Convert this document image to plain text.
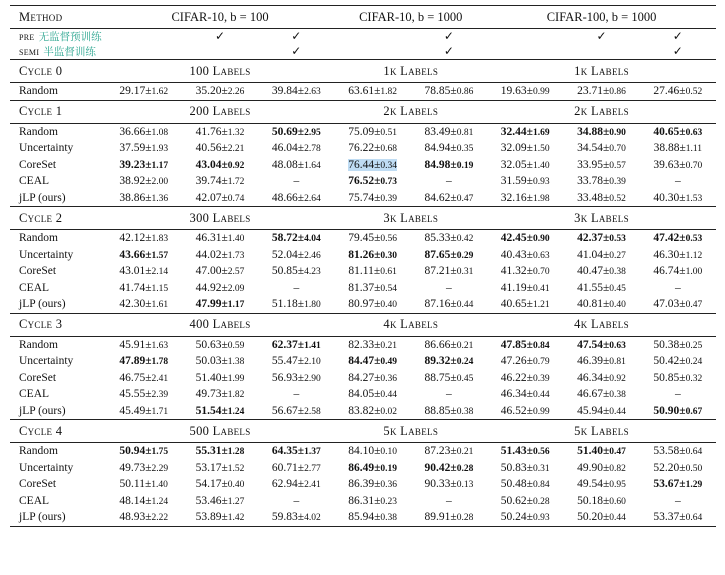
Method	CIFAR-10, b = 100			CIFAR-10, b = 1000		CIFAR-100, b = 1000		
pre 无监督预训练		✓	✓		✓		✓	✓
semi 半监督训练			✓		✓			✓
Cycle 0	100 Labels			1k Labels		1k Labels		
Random	29.17±1.62	35.20±2.26	39.84±2.63	63.61±1.82	78.85±0.86	19.63±0.99	23.71±0.86	27.46±0.52
Cycle 1	200 Labels			2k Labels		2k Labels		
Random	36.66±1.08	41.76±1.32	50.69±2.95	75.09±0.51	83.49±0.81	32.44±1.69	34.88±0.90	40.65±0.63
Uncertainty	37.59±1.93	40.56±2.21	46.04±2.78	76.22±0.68	84.94±0.35	32.09±1.50	34.54±0.70	38.88±1.11
CoreSet	39.23±1.17	43.04±0.92	48.08±1.64	76.44±0.34	84.98±0.19	32.05±1.40	33.95±0.57	39.63±0.70
CEAL	38.92±2.00	39.74±1.72	–	76.52±0.73	–	31.59±0.93	33.78±0.39	–
jLP (ours)	38.86±1.36	42.07±0.74	48.66±2.64	75.74±0.39	84.62±0.47	32.16±1.98	33.48±0.52	40.30±1.53
Cycle 2	300 Labels			3k Labels		3k Labels		
Random	42.12±1.83	46.31±1.40	58.72±4.04	79.45±0.56	85.33±0.42	42.45±0.90	42.37±0.53	47.42±0.53
Uncertainty	43.66±1.57	44.02±1.73	52.04±2.46	81.26±0.30	87.65±0.29	40.43±0.63	41.04±0.27	46.30±1.12
CoreSet	43.01±2.14	47.00±2.57	50.85±4.23	81.11±0.61	87.21±0.31	41.32±0.70	40.47±0.38	46.74±1.00
CEAL	41.74±1.15	44.92±2.09	–	81.37±0.54	–	41.19±0.41	41.55±0.45	–
jLP (ours)	42.30±1.61	47.99±1.17	51.18±1.80	80.97±0.40	87.16±0.44	40.65±1.21	40.81±0.40	47.03±0.47
Cycle 3	400 Labels			4k Labels		4k Labels		
Random	45.91±1.63	50.63±0.59	62.37±1.41	82.33±0.21	86.66±0.21	47.85±0.84	47.54±0.63	50.38±0.25
Uncertainty	47.89±1.78	50.03±1.38	55.47±2.10	84.47±0.49	89.32±0.24	47.26±0.79	46.39±0.81	50.42±0.24
CoreSet	46.75±2.41	51.40±1.99	56.93±2.90	84.27±0.36	88.75±0.45	46.22±0.39	46.34±0.92	50.85±0.32
CEAL	45.55±2.39	49.73±1.82	–	84.05±0.44	–	46.34±0.44	46.67±0.38	–
jLP (ours)	45.49±1.71	51.54±1.24	56.67±2.58	83.82±0.02	88.85±0.38	46.52±0.99	45.94±0.44	50.90±0.67
Cycle 4	500 Labels			5k Labels		5k Labels		
Random	50.94±1.75	55.31±1.28	64.35±1.37	84.10±0.10	87.23±0.21	51.43±0.56	51.40±0.47	53.58±0.64
Uncertainty	49.73±2.29	53.17±1.52	60.71±2.77	86.49±0.19	90.42±0.28	50.83±0.31	49.90±0.82	52.20±0.50
CoreSet	50.11±1.40	54.17±0.40	62.94±2.41	86.39±0.36	90.33±0.13	50.48±0.84	49.54±0.95	53.67±1.29
CEAL	48.14±1.24	53.46±1.27	–	86.31±0.23	–	50.62±0.28	50.18±0.60	–
jLP (ours)	48.93±2.22	53.89±1.42	59.83±4.02	85.94±0.38	89.91±0.28	50.24±0.93	50.20±0.44	53.37±0.64
